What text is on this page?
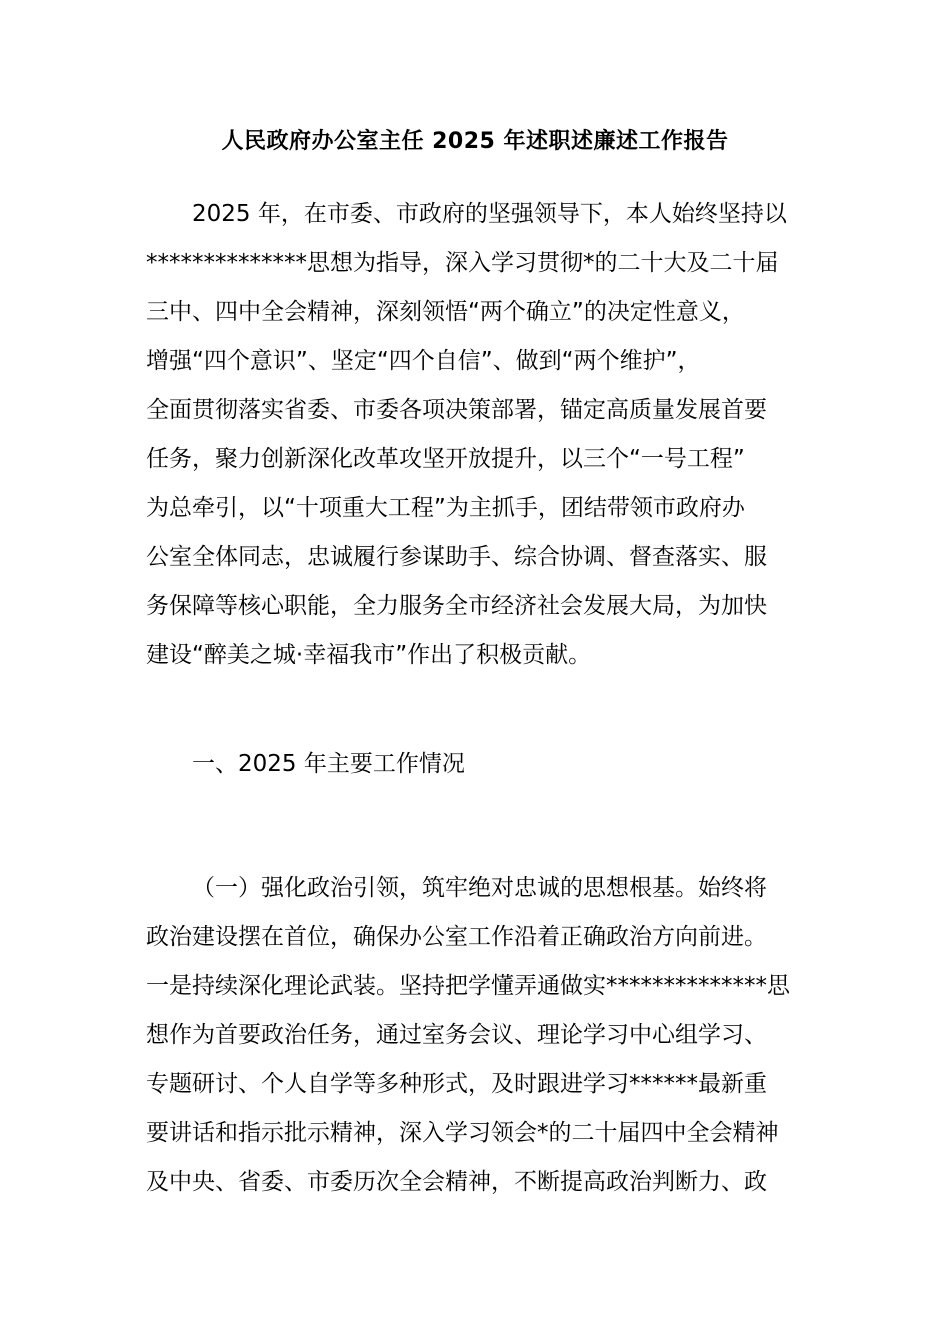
人民政府办公室主任 2025 年述职述廉述工作报告
2025 年，在市委、市政府的坚强领导下，本人始终坚持以
**************思想为指导，深入学习贯彻*的二十大及二十届
三中、四中全会精神，深刻领悟“两个确立”的决定性意义，
增强“四个意识”、坚定“四个自信”、做到“两个维护”，
全面贯彻落实省委、市委各项决策部署，锚定高质量发展首要
任务，聚力创新深化改革攻坚开放提升，以三个“一号工程”
为总牵引，以“十项重大工程”为主抓手，团结带领市政府办
公室全体同志，忠诚履行参谋助手、综合协调、督查落实、服
务保障等核心职能，全力服务全市经济社会发展大局，为加快
建设“醉美之城·幸福我市”作出了积极贡献。
一、2025 年主要工作情况
（一）强化政治引领，筑牢绝对忠诚的思想根基。始终将
政治建设摆在首位，确保办公室工作沿着正确政治方向前进。
一是持续深化理论武装。坚持把学懂弄通做实**************思
想作为首要政治任务，通过室务会议、理论学习中心组学习、
专题研讨、个人自学等多种形式，及时跟进学习******最新重
要讲话和指示批示精神，深入学习领会*的二十届四中全会精神
及中央、省委、市委历次全会精神，不断提高政治判断力、政
